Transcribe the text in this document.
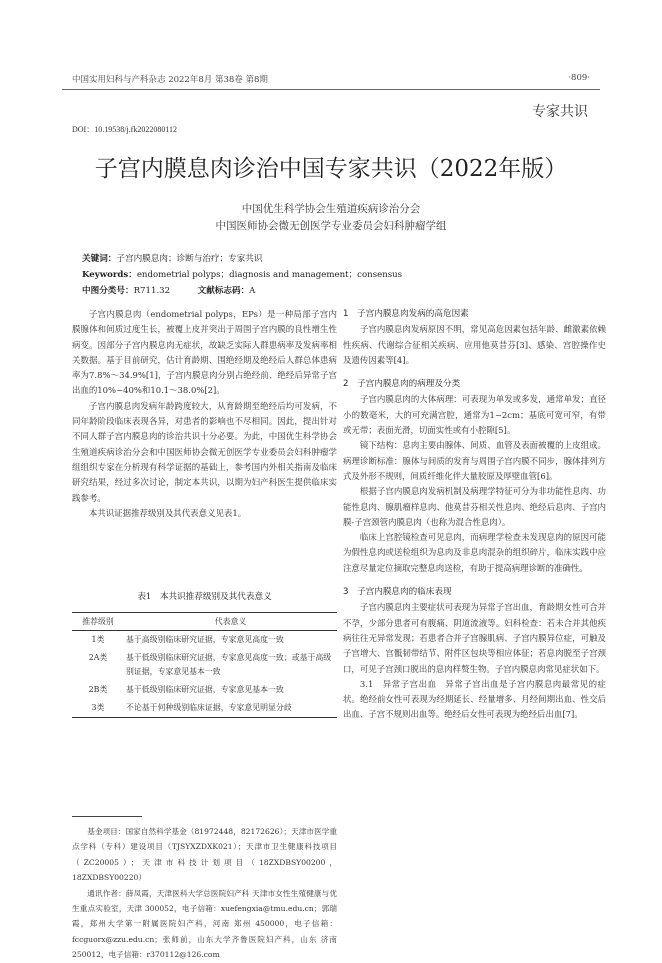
中国实用妇科与产科杂志 2022年8月 第38卷 第8期	·809·
专家共识
DOI：10.19538/j.fk2022080112
子宫内膜息肉诊治中国专家共识（2022年版）
中国优生科学协会生殖道疾病诊治分会
中国医师协会微无创医学专业委员会妇科肿瘤学组
关键词：子宫内膜息肉；诊断与治疗；专家共识
Keywords：endometrial polyps；diagnosis and management；consensus
中图分类号：R711.32	文献标志码：A

子宫内膜息肉（endometrial polyps，EPs）是一种局部子宫内膜腺体和间质过度生长，被覆上皮并突出于周围子宫内膜的良性增生性病变。因部分子宫内膜息肉无症状，故缺乏实际人群患病率及发病率相关数据。基于目前研究，估计育龄期、围绝经期及绝经后人群总体患病率为7.8%～34.9%[1]，子宫内膜息肉分别占绝经前、绝经后异常子宫出血的10%~40%和10.1～38.0%[2]。

子宫内膜息肉发病年龄跨度较大，从育龄期至绝经后均可发病，不同年龄阶段临床表现各异，对患者的影响也不尽相同。因此，提出针对不同人群子宫内膜息肉的诊治共识十分必要。为此，中国优生科学协会生殖道疾病诊治分会和中国医师协会微无创医学专业委员会妇科肿瘤学组组织专家在分析现有科学证据的基础上，参考国内外相关指南及临床研究结果，经过多次讨论，制定本共识，以期为妇产科医生提供临床实践参考。

本共识证据推荐级别及其代表意义见表1。

表1　本共识推荐级别及其代表意义
推荐级别	代表意义
1类	基于高级别临床研究证据，专家意见高度一致
2A类	基于低级别临床研究证据，专家意见高度一致；或基于高级别证据，专家意见基本一致
2B类	基于低级别临床研究证据，专家意见基本一致
3类	不论基于何种级别临床证据，专家意见明显分歧

基金项目：国家自然科学基金（81972448，82172626）；天津市医学重点学科（专科）建设项目（TJSYXZDXK021）；天津市卫生健康科技项目（ZC20005）；天津市科技计划项目（18ZXDBSY00200，18ZXDBSY00220）

通讯作者：薛凤霞，天津医科大学总医院妇产科 天津市女性生殖健康与优生重点实验室，天津 300052，电子信箱：xuefengxia@tmu.edu.cn；郭瑞霞，郑州大学第一附属医院妇产科，河南 郑州 450000，电子信箱：fccguorx@zzu.edu.cn；张师前，山东大学齐鲁医院妇产科，山东 济南 250012，电子信箱：r370112@126.com

1　子宫内膜息肉发病的高危因素

子宫内膜息肉发病原因不明，常见高危因素包括年龄、雌激素依赖性疾病、代谢综合征相关疾病、应用他莫昔芬[3]、感染、宫腔操作史及遗传因素等[4]。

2　子宫内膜息肉的病理及分类

子宫内膜息肉的大体病理：可表现为单发或多发，通常单发；直径小的数毫米，大的可充满宫腔，通常为1~2cm；基底可宽可窄，有带或无带；表面光滑，切面实性或有小腔隙[5]。

镜下结构：息肉主要由腺体、间质、血管及表面被覆的上皮组成。病理诊断标准：腺体与间质的发育与周围子宫内膜不同步，腺体排列方式及外形不规则，间质纤维化伴大量胶原及厚壁血管[6]。

根据子宫内膜息肉发病机制及病理学特征可分为非功能性息肉、功能性息肉、腺肌瘤样息肉、他莫昔芬相关性息肉、绝经后息肉、子宫内膜-子宫颈管内膜息肉（也称为混合性息肉）。

临床上宫腔镜检查可见息肉，而病理学检查未发现息肉的原因可能为假性息肉或送检组织为息肉及非息肉混杂的组织碎片，临床实践中应注意尽量定位摘取完整息肉送检，有助于提高病理诊断的准确性。

3　子宫内膜息肉的临床表现

子宫内膜息肉主要症状可表现为异常子宫出血，育龄期女性可合并不孕，少部分患者可有腹痛、阴道流液等。妇科检查：若未合并其他疾病往往无异常发现；若患者合并子宫腺肌病、子宫内膜异位症，可触及子宫增大、宫骶韧带结节、附件区包块等相应体征；若息肉脱至子宫颈口，可见子宫颈口脱出的息肉样赘生物。子宫内膜息肉常见症状如下。

3.1　异常子宫出血　异常子宫出血是子宫内膜息肉最常见的症状。绝经前女性可表现为经期延长、经量增多、月经间期出血、性交后出血、子宫不规则出血等。绝经后女性可表现为绝经后出血[7]。
